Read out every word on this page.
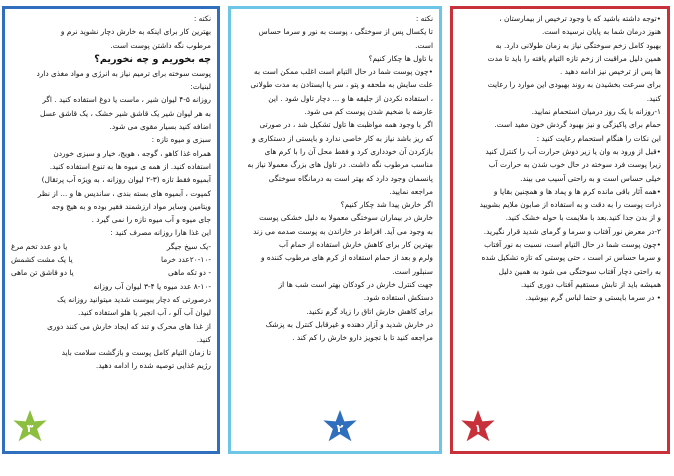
نکته :

بهترین کار برای اینکه به خارش دچار نشوید نرم و

مرطوب نگه داشتن پوست است.

چه بخوریم و چه نخوریم؟

پوست سوخته برای ترمیم نیاز به انرژی و مواد مغذی دارد

لبنیات:

روزانه ۵-۴ لیوان شیر ، ماست یا دوغ استفاده کنید . اگر

به هر لیوان شیر یک قاشق شیر خشک ، یک قاشق عسل

اضافه کنید بسیار مقوی می شود.

سبزی و میوه تازه :

همراه غذا کاهو ، گوجه ، هویج، خیار و سبزی خوردن

استفاده کنید. از همه ی میوه ها به تنوع استفاده کنید.

آبمیوه فقط تازه (۳-۲ لیوان روزانه ، به ویژه آب پرتقال)

کمپوت ، آبمیوه های بسته بندی ، ساندیس ها و ... از نظر

ویتامین وسایر مواد ارزشمند فقیر بوده و به هیچ وجه

جای میوه و آب میوه تازه را نمی گیرد .

این غذا هارا روزانه مصرف کنید :

-یک سیخ جیگر
یا دو عدد تخم مرغ
-۲۰-۱۰عدد خرما
یا یک مشت کشمش
- دو تکه ماهی
یا دو قاشق تن ماهی

-۸-۱۰ عدد میوه یا ۴-۳ لیوان آب روزانه

درصورتی که دچار یبوست شدید میتوانید روزانه یک

لیوان آب آلو ، آب انجیر یا هلو استفاده کنید.

از غذا های محرک و تند که ایجاد خارش می کنند دوری

کنید.

تا زمان التیام کامل پوست و بازگشت سلامت باید

رژیم غذایی توصیه شده را ادامه دهید.

۳

نکته :

تا یکسال پس از سوختگی ، پوست به نور و سرما حساس

است.

با تاول ها چکار کنیم؟

•چون پوست شما در حال التیام است اغلب ممکن است به

علت سایش به ملحفه و پتو ، سر یا ایستادن به مدت طولانی

، استفاده نکردن از جلیقه ها و ... دچار تاول شود . این

عارضه با ضخیم شدن پوست کم می شود.

اگر با وجود همه مواظبت ها تاول تشکیل شد ، در صورتی

که ریز باشد نیاز به کار خاصی ندارد و بایستی از دستکاری و

بازکردن آن خودداری کرد و فقط محل آن را با کرم های

مناسب مرطوب نگه داشت. در تاول های بزرگ معمولا نیاز به

پانسمان وجود دارد که بهتر است به درمانگاه سوختگی

مراجعه نمایید.

اگر خارش پیدا شد چکار کنیم؟

خارش در بیماران سوختگی معمولا به دلیل خشکی پوست

به وجود می آید. افراط در خاراندن به پوست صدمه می زند

بهترین کار برای کاهش خارش استفاده از حمام آب

ولرم و بعد از حمام استفاده از کرم های مرطوب کننده و

سنبلور است.

جهت کنترل خارش در کودکان بهتر است شب ها از

دستکش استفاده شود.

برای کاهش خارش اتاق را زیاد گرم نکنید.

در خارش شدید و آزار دهنده و غیرقابل کنترل به پزشک

مراجعه کنید تا با تجویز دارو خارش را کم کند .

۲

•توجه داشته باشید که با وجود ترخیص از بیمارستان ،

هنوز درمان شما به پایان نرسیده است.

بهبود کامل زخم سوختگی نیاز به زمان طولانی دارد. به

همین دلیل مراقبت از زخم تازه التیام یافته را باید تا مدت

ها پس از ترخیص نیز ادامه دهید .

برای سرعت بخشیدن به روند بهبودی این موارد را رعایت

کنید.

۱-روزانه با یک روز درمیان استحمام نمایید.

حمام برای پاکیزگی و نیز بهبود گردش خون مفید است.

این نکات را هنگام استحمام رعایت کنید :

•قبل از ورود به وان یا زیر دوش حرارت آب را کنترل کنید

زیرا پوست فرد سوخته در حال خوب شدن به حرارت آب

خیلی حساس است و به راحتی آسیب می بیند.

•همه آثار باقی مانده کرم ها و پماد ها و همچنین بقایا و

ذرات پوست را به دقت و به استفاده از صابون ملایم بشویید

و از بدن جدا کنید.بعد با ملایمت با حوله خشک کنید.

۲-در معرض نور آفتاب و سرما و گرمای شدید قرار نگیرید.

•چون پوست شما در حال التیام است، نسبت به نور آفتاب

و سرما حساس تر است ، حتی پوستی که تازه تشکیل شده

به راحتی دچار آفتاب سوختگی می شود به همین دلیل

همیشه باید از تابش مستقیم آفتاب دوری کنید.

• در سرما بایستی و حتما لباس گرم بپوشید.

۱
